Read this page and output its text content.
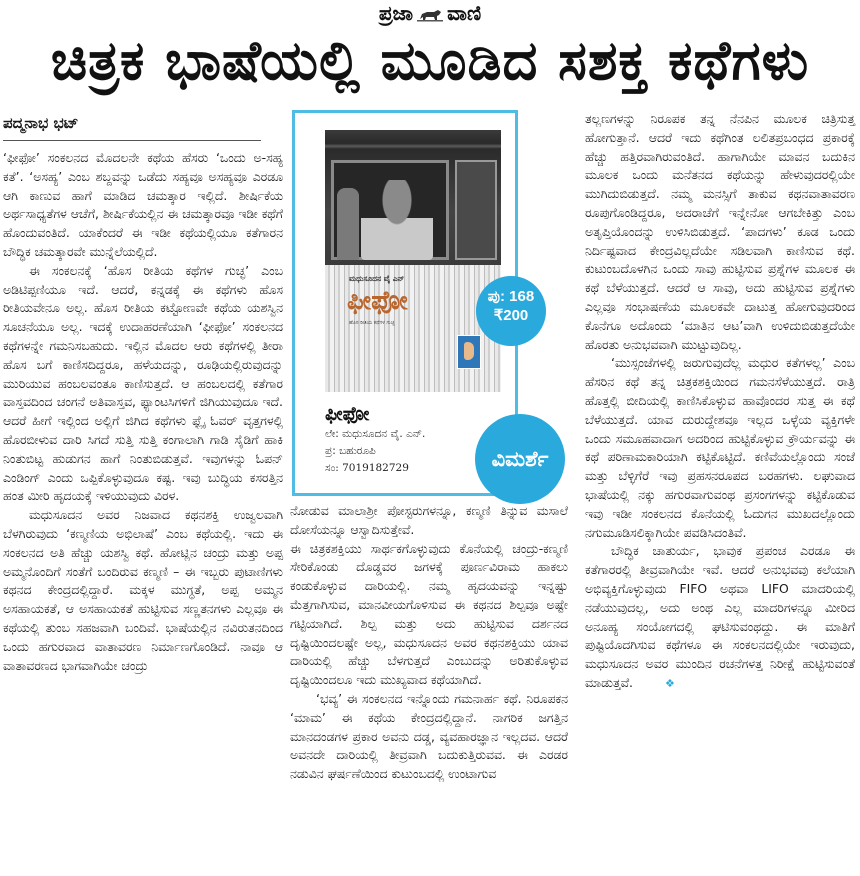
ಪ್ರಜಾ ವಾಣಿ
ಚಿತ್ರಕ ಭಾಷೆಯಲ್ಲಿ ಮೂಡಿದ ಸಶಕ್ತ ಕಥೆಗಳು
ಪದ್ಮನಾಭ ಭಟ್

‘ಫೀಫೋ’ ಸಂಕಲನದ ಮೊದಲನೇ ಕಥೆಯ ಹೆಸರು ‘ಒಂದು ಅ-ಸಹ್ಯ ಕತೆ’. ‘ಅಸಹ್ಯ’ ಎಂಬ ಶಬ್ದವನ್ನು ಒಡೆದು ಸಹ್ಯವೂ ಅಸಹ್ಯವೂ ಎರಡೂ ಆಗಿ ಕಾಣುವ ಹಾಗೆ ಮಾಡಿದ ಚಮತ್ಕಾರ ಇಲ್ಲಿದೆ. ಶೀರ್ಷಿಕೆಯ ಅರ್ಥಸಾಧ್ಯತೆಗಳ ಆಚೆಗೆ, ಶೀರ್ಷಿಕೆಯಲ್ಲಿನ ಈ ಚಮತ್ಕಾರವೂ ಇಡೀ ಕಥೆಗೆ ಹೊಂದುವಂತಿದೆ. ಯಾಕೆಂದರೆ ಈ ಇಡೀ ಕಥೆಯಲ್ಲಿಯೂ ಕತೆಗಾರನ ಬೌದ್ಧಿಕ ಚಮತ್ಕಾರವೇ ಮುನ್ನೆಲೆಯಲ್ಲಿದೆ.

ಈ ಸಂಕಲನಕ್ಕೆ ‘ಹೊಸ ರೀತಿಯ ಕಥೆಗಳ ಗುಚ್ಛ’ ಎಂಬ ಅಡಿಟಿಪ್ಪಣಿಯೂ ಇದೆ. ಆದರೆ, ಕನ್ನಡಕ್ಕೆ ಈ ಕಥೆಗಳು ಹೊಸ ರೀತಿಯವೇನೂ ಅಲ್ಲ. ಹೊಸ ರೀತಿಯ ಕಟ್ಟೋಣವೇ ಕಥೆಯ ಯಶಸ್ವಿನ ಸೂಚನೆಯೂ ಅಲ್ಲ. ಇದಕ್ಕೆ ಉದಾಹರಣೆಯಾಗಿ ‘ಫೀಫೋ’ ಸಂಕಲನದ ಕಥೆಗಳನ್ನೇ ಗಮನಿಸಬಹುದು. ಇಲ್ಲಿನ ಮೊದಲ ಆರು ಕಥೆಗಳಲ್ಲಿ ತೀರಾ ಹೊಸ ಬಗೆ ಕಾಣಿಸದಿದ್ದರೂ, ಹಳೆಯದನ್ನು, ರೂಢಿಯಲ್ಲಿರುವುದನ್ನು ಮುರಿಯುವ ಹಂಬಲವಂತೂ ಕಾಣಿಸುತ್ತದೆ. ಆ ಹಂಬಲದಲ್ಲಿ ಕತೆಗಾರ ವಾಸ್ತವದಿಂದ ಚಂಗನೆ ಅತಿವಾಸ್ತವ, ಫ್ಯಾಂಟಸಿಗಳಿಗೆ ಜಿಗಿಯುವುದೂ ಇದೆ. ಆದರೆ ಹೀಗೆ ಇಲ್ಲಿಂದ ಅಲ್ಲಿಗೆ ಜಿಗಿದ ಕಥೆಗಳು ಫ್ಲೈ ಓವರ್ ವೃತ್ತಗಳಲ್ಲಿ ಹೊರಬೀಳುವ ದಾರಿ ಸಿಗದೆ ಸುತ್ತಿ ಸುತ್ತಿ ಕಂಗಾಲಾಗಿ ಗಾಡಿ ಸೈಡಿಗೆ ಹಾಕಿ ನಿಂತುಬಿಟ್ಟ ಹುಡುಗನ ಹಾಗೆ ನಿಂತುಬಿಡುತ್ತವೆ. ಇವುಗಳನ್ನು ಓಪನ್ ಎಂಡಿಂಗ್ ಎಂದು ಒಪ್ಪಿಕೊಳ್ಳುವುದೂ ಕಷ್ಟ. ಇವು ಬುದ್ಧಿಯ ಕಸರತ್ತಿನ ಹಂತ ಮೀರಿ ಹೃದಯಕ್ಕೆ ಇಳಿಯುವುದು ವಿರಳ.

ಮಧುಸೂದನ ಅವರ ನಿಜವಾದ ಕಥನಶಕ್ತಿ ಉಜ್ವಲವಾಗಿ ಬೆಳಗಿರುವುದು ‘ಕಣ್ಮಣಿಯ ಅಭಿಲಾಷೆ’ ಎಂಬ ಕಥೆಯಲ್ಲಿ. ಇದು ಈ ಸಂಕಲನದ ಅತಿ ಹೆಚ್ಚು ಯಶಸ್ವಿ ಕಥೆ. ಹೋಟ್ಲಿನ ಚಂದ್ರು ಮತ್ತು ಅಪ್ಪ ಅಮ್ಮನೊಂದಿಗೆ ಸಂತೆಗೆ ಬಂದಿರುವ ಕಣ್ಮಣಿ – ಈ ಇಬ್ಬರು ಪುಟಾಣಿಗಳು ಕಥನದ ಕೇಂದ್ರದಲ್ಲಿದ್ದಾರೆ. ಮಕ್ಕಳ ಮುಗ್ಧತೆ, ಅಪ್ಪ ಅಮ್ಮನ ಅಸಹಾಯಕತೆ, ಆ ಅಸಹಾಯಕತೆ ಹುಟ್ಟಿಸುವ ಸಣ್ಣತನಗಳು ಎಲ್ಲವೂ ಈ ಕಥೆಯಲ್ಲಿ ತುಂಬ ಸಹಜವಾಗಿ ಬಂದಿವೆ. ಭಾಷೆಯಲ್ಲಿನ ನವಿರುತನದಿಂದ ಒಂದು ಹಗುರವಾದ ವಾತಾವರಣ ನಿರ್ಮಾಣಗೊಂಡಿದೆ. ನಾವೂ ಆ ವಾತಾವರಣದ ಭಾಗವಾಗಿಯೇ ಚಂದ್ರು

ಮಧುಸೂದನ ವೈ ಎನ್
ಫೀಫೋ
ಹೊಸ ರೀತಿಯ ಕಥೆಗಳ ಗುಚ್ಛ
ಫೀಫೋ
ಲೇ: ಮಧುಸೂದನ ವೈ. ಎನ್.
ಪ್ರ: ಬಹುರೂಪಿ
ಸಂ: 7019182729
ಪು: 168
₹200
ವಿಮರ್ಶೆ

ನೋಡುವ ಮಾಲಾಶ್ರೀ ಪೋಸ್ಟರುಗಳನ್ನೂ, ಕಣ್ಮಣಿ ತಿನ್ನುವ ಮಸಾಲೆ ದೋಸೆಯನ್ನೂ ಆಸ್ವಾದಿಸುತ್ತೇವೆ.

ಈ ಚಿತ್ರಕಶಕ್ತಿಯು ಸಾರ್ಥಕಗೊಳ್ಳುವುದು ಕೊನೆಯಲ್ಲಿ ಚಂದ್ರು-ಕಣ್ಮಣಿ ಸೇರಿಕೊಂಡು ದೊಡ್ಡವರ ಜಗಳಕ್ಕೆ ಪೂರ್ಣವಿರಾಮ ಹಾಕಲು ಕಂಡುಕೊಳ್ಳುವ ದಾರಿಯಲ್ಲಿ. ನಮ್ಮ ಹೃದಯವನ್ನು ಇನ್ನಷ್ಟು ಮೆತ್ತಗಾಗಿಸುವ, ಮಾನವೀಯಗೊಳಿಸುವ ಈ ಕಥನದ ಶಿಲ್ಪವೂ ಅಷ್ಟೇ ಗಟ್ಟಿಯಾಗಿದೆ. ಶಿಲ್ಪ ಮತ್ತು ಅದು ಹುಟ್ಟಿಸುವ ದರ್ಶನದ ದೃಷ್ಟಿಯಿಂದಲಷ್ಟೇ ಅಲ್ಲ, ಮಧುಸೂದನ ಅವರ ಕಥನಶಕ್ತಿಯು ಯಾವ ದಾರಿಯಲ್ಲಿ ಹೆಚ್ಚು ಬೆಳಗುತ್ತದೆ ಎಂಬುದನ್ನು ಅರಿತುಕೊಳ್ಳುವ ದೃಷ್ಟಿಯಿಂದಲೂ ಇದು ಮುಖ್ಯವಾದ ಕಥೆಯಾಗಿದೆ.

‘ಭವ್ಯ’ ಈ ಸಂಕಲನದ ಇನ್ನೊಂದು ಗಮನಾರ್ಹ ಕಥೆ. ನಿರೂಪಕನ ‘ಮಾಮ’ ಈ ಕಥೆಯ ಕೇಂದ್ರದಲ್ಲಿದ್ದಾನೆ. ನಾಗರಿಕ ಜಗತ್ತಿನ ಮಾನದಂಡಗಳ ಪ್ರಕಾರ ಅವನು ದಡ್ಡ, ವ್ಯವಹಾರಜ್ಞಾನ ಇಲ್ಲದವ. ಆದರೆ ಅವನದೇ ದಾರಿಯಲ್ಲಿ ತೀವ್ರವಾಗಿ ಬದುಕುತ್ತಿರುವವ. ಈ ಎರಡರ ನಡುವಿನ ಘರ್ಷಣೆಯಿಂದ ಕುಟುಂಬದಲ್ಲಿ ಉಂಟಾಗುವ

ತಲ್ಲಣಗಳನ್ನು ನಿರೂಪಕ ತನ್ನ ನೆನಪಿನ ಮೂಲಕ ಚಿತ್ರಿಸುತ್ತ ಹೋಗುತ್ತಾನೆ. ಆದರೆ ಇದು ಕಥೆಗಿಂತ ಲಲಿತಪ್ರಬಂಧದ ಪ್ರಕಾರಕ್ಕೆ ಹೆಚ್ಚು ಹತ್ತಿರವಾಗಿರುವಂತಿದೆ. ಹಾಗಾಗಿಯೇ ಮಾವನ ಬದುಕಿನ ಮೂಲಕ ಒಂದು ಮನೆತನದ ಕಥೆಯನ್ನು ಹೇಳುವುದರಲ್ಲಿಯೇ ಮುಗಿದುಬಿಡುತ್ತದೆ. ನಮ್ಮ ಮನಸ್ಸಿಗೆ ತಾಕುವ ಕಥನವಾತಾವರಣ ರೂಪುಗೊಂಡಿದ್ದರೂ, ಅದರಾಚೆಗೆ ಇನ್ನೇನೋ ಆಗಬೇಕಿತ್ತು ಎಂಬ ಅತೃಪ್ತಿಯೊಂದನ್ನು ಉಳಿಸಿಬಿಡುತ್ತದೆ. ‘ಪಾದಗಳು’ ಕೂಡ ಒಂದು ನಿರ್ದಿಷ್ಟವಾದ ಕೇಂದ್ರವಿಲ್ಲದೆಯೇ ಸಡಿಲವಾಗಿ ಕಾಣಿಸುವ ಕಥೆ. ಕುಟುಂಬದೊಳಗಿನ ಒಂದು ಸಾವು ಹುಟ್ಟಿಸುವ ಪ್ರಶ್ನೆಗಳ ಮೂಲಕ ಈ ಕಥೆ ಬೆಳೆಯುತ್ತದೆ. ಆದರೆ ಆ ಸಾವು, ಅದು ಹುಟ್ಟಿಸುವ ಪ್ರಶ್ನೆಗಳು ಎಲ್ಲವೂ ಸಂಭಾಷಣೆಯ ಮೂಲಕವೇ ದಾಟುತ್ತ ಹೋಗುವುದರಿಂದ ಕೊನೆಗೂ ಅದೊಂದು ‘ಮಾತಿನ ಆಟ’ವಾಗಿ ಉಳಿದುಬಿಡುತ್ತದೆಯೇ ಹೊರತು ಅನುಭವವಾಗಿ ಮುಟ್ಟುವುದಿಲ್ಲ.

‘ಮುಸ್ಸಂಜೆಗಳಲ್ಲಿ ಜರುಗುವುದೆಲ್ಲ ಮಧುರ ಕತೆಗಳಲ್ಲ’ ಎಂಬ ಹೆಸರಿನ ಕಥೆ ತನ್ನ ಚಿತ್ರಕಶಕ್ತಿಯಿಂದ ಗಮನಸೆಳೆಯುತ್ತದೆ. ರಾತ್ರಿ ಹೊತ್ತಲ್ಲಿ ಬೀದಿಯಲ್ಲಿ ಕಾಣಿಸಿಕೊಳ್ಳುವ ಹಾವೊಂದರ ಸುತ್ತ ಈ ಕಥೆ ಬೆಳೆಯುತ್ತದೆ. ಯಾವ ದುರುದ್ದೇಶವೂ ಇಲ್ಲದ ಒಳ್ಳೆಯ ವ್ಯಕ್ತಿಗಳೇ ಒಂದು ಸಮೂಹವಾದಾಗ ಅದರಿಂದ ಹುಟ್ಟಿಕೊಳ್ಳುವ ಕ್ರೌರ್ಯವನ್ನು ಈ ಕಥೆ ಪರಿಣಾಮಕಾರಿಯಾಗಿ ಕಟ್ಟಿಕೊಟ್ಟಿದೆ. ಕಣಿವೆಯಲ್ಲೊಂದು ಸಂಜೆ ಮತ್ತು ಬೆಳ್ಳಿಗೆರೆ ಇವು ಪ್ರಹಸನರೂಪದ ಬರಹಗಳು. ಲಘುವಾದ ಭಾಷೆಯಲ್ಲಿ ನಕ್ಕು ಹಗುರವಾಗುವಂಥ ಪ್ರಸಂಗಗಳನ್ನು ಕಟ್ಟಿಕೊಡುವ ಇವು ಇಡೀ ಸಂಕಲನದ ಕೊನೆಯಲ್ಲಿ ಓದುಗನ ಮುಖದಲ್ಲೊಂದು ನಗುಮೂಡಿಸಲಿಕ್ಕಾಗಿಯೇ ಪವಡಿಸಿದಂತಿವೆ.

ಬೌದ್ಧಿಕ ಚಾತುರ್ಯ, ಭಾವುಕ ಪ್ರಪಂಚ ಎರಡೂ ಈ ಕತೆಗಾರರಲ್ಲಿ ತೀವ್ರವಾಗಿಯೇ ಇವೆ. ಆದರೆ ಅನುಭವವು ಕಲೆಯಾಗಿ ಅಭಿವ್ಯಕ್ತಿಗೊಳ್ಳುವುದು FIFO ಅಥವಾ LIFO ಮಾದರಿಯಲ್ಲಿ ನಡೆಯುವುದಲ್ಲ, ಅದು ಅಂಥ ಎಲ್ಲ ಮಾದರಿಗಳನ್ನೂ ಮೀರಿದ ಅನೂಹ್ಯ ಸಂಯೋಗದಲ್ಲಿ ಘಟಿಸುವಂಥದ್ದು. ಈ ಮಾತಿಗೆ ಪುಷ್ಟಿಯೊದಗಿಸುವ ಕಥೆಗಳೂ ಈ ಸಂಕಲನದಲ್ಲಿಯೇ ಇರುವುದು, ಮಧುಸೂದನ ಅವರ ಮುಂದಿನ ರಚನೆಗಳತ್ತ ನಿರೀಕ್ಷೆ ಹುಟ್ಟಿಸುವಂತೆ ಮಾಡುತ್ತವೆ.	❖
